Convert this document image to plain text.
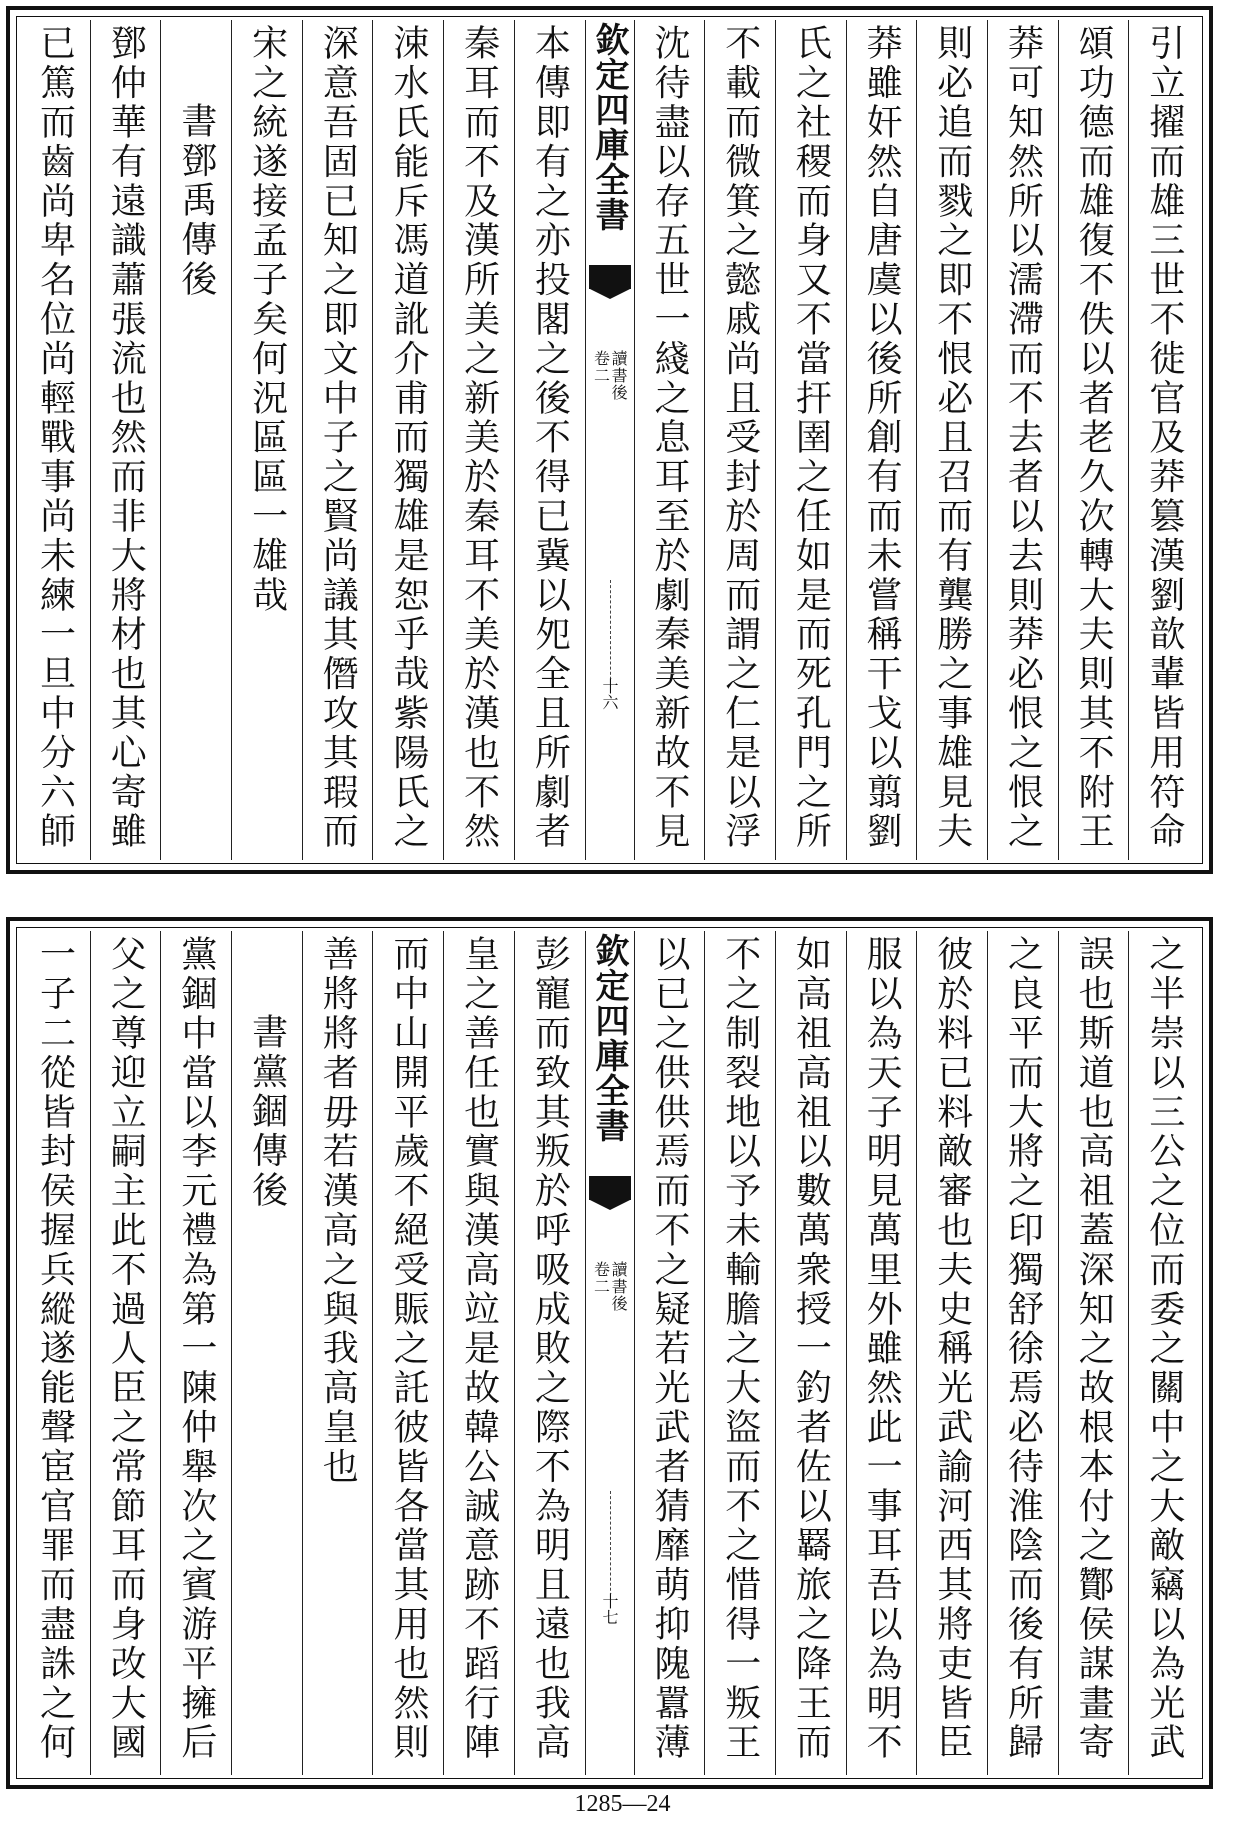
引立擢而雄三世不徙官及莽篡漢劉歆輩皆用符命
頌功德而雄復不佚以者老久次轉大夫則其不附王
莽可知然所以濡滯而不去者以去則莽必恨之恨之
則必追而戮之即不恨必且召而有龔勝之事雄見夫
莽雖奸然自唐虞以後所創有而未嘗稱干戈以翦劉
氏之社稷而身又不當扞圉之任如是而死孔門之所
不載而微箕之懿戚尚且受封於周而謂之仁是以浮
沈待盡以存五世一綫之息耳至於劇秦美新故不見
欽定四庫全書
讀書後
卷二
十六
本傳即有之亦投閣之後不得已冀以夗全且所劇者
秦耳而不及漢所美之新美於秦耳不美於漢也不然
涑水氏能斥馮道訛介甫而獨雄是恕乎哉紫陽氏之
深意吾固已知之即文中子之賢尚議其僭攻其瑕而
宋之統遂接孟子矣何況區區一雄哉
書鄧禹傳後
鄧仲華有遠識蕭張流也然而非大將材也其心寄雖
已篤而齒尚卑名位尚輕戰事尚未練一旦中分六師
之半崇以三公之位而委之關中之大敵竊以為光武
誤也斯道也高祖蓋深知之故根本付之酇侯謀畫寄
之良平而大將之印獨舒徐焉必待淮陰而後有所歸
彼於料已料敵審也夫史稱光武諭河西其將吏皆臣
服以為天子明見萬里外雖然此一事耳吾以為明不
如高祖高祖以數萬衆授一釣者佐以羇旅之降王而
不之制裂地以予未輸膽之大盜而不之惜得一叛王
以已之供供焉而不之疑若光武者猜靡萌抑隗囂薄
欽定四庫全書
讀書後
卷二
十七
彭寵而致其叛於呼吸成敗之際不為明且遠也我高
皇之善任也實與漢高竝是故韓公誠意跡不蹈行陣
而中山開平歲不絕受賑之託彼皆各當其用也然則
善將將者毋若漢高之與我高皇也
書黨錮傳後
黨錮中當以李元禮為第一陳仲舉次之賓游平擁后
父之尊迎立嗣主此不過人臣之常節耳而身改大國
一子二從皆封侯握兵縱遂能聲宦官罪而盡誅之何
1285—24
